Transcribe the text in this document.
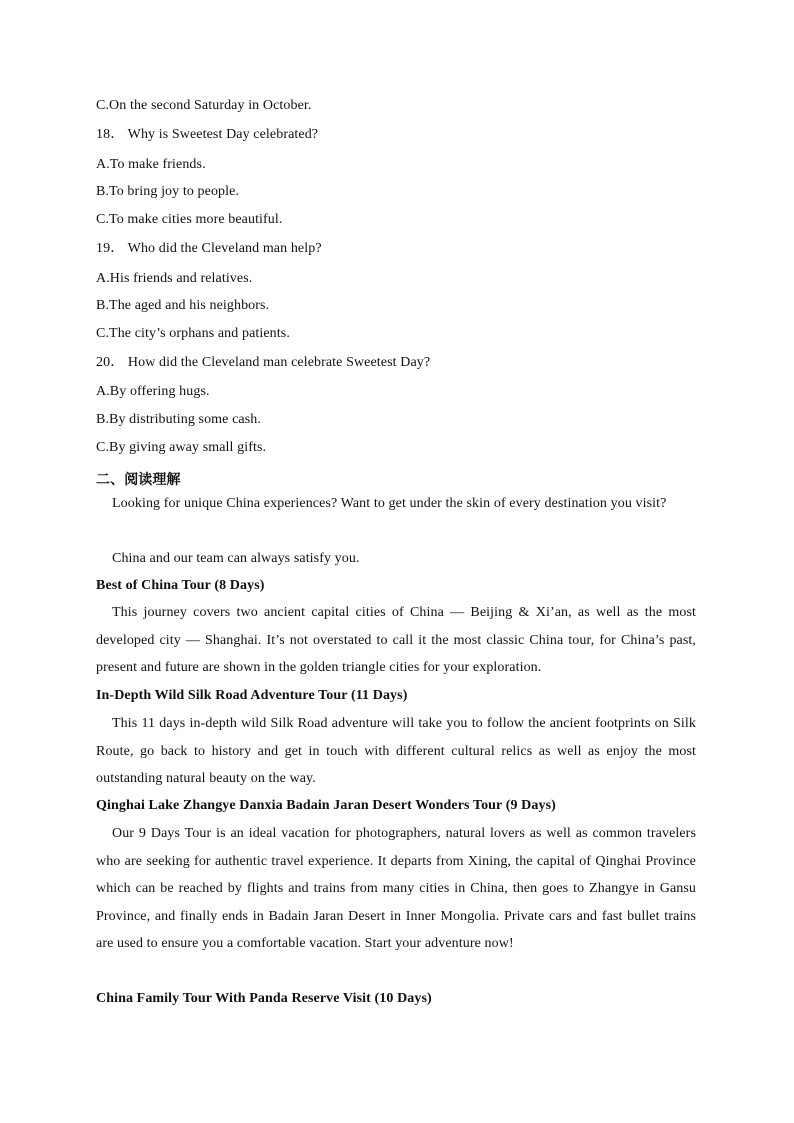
C.On the second Saturday in October.
18． Why is Sweetest Day celebrated?
A.To make friends.
B.To bring joy to people.
C.To make cities more beautiful.
19． Who did the Cleveland man help?
A.His friends and relatives.
B.The aged and his neighbors.
C.The city’s orphans and patients.
20． How did the Cleveland man celebrate Sweetest Day?
A.By offering hugs.
B.By distributing some cash.
C.By giving away small gifts.
二、阅读理解
Looking for unique China experiences? Want to get under the skin of every destination you visit?
China and our team can always satisfy you.
Best of China Tour (8 Days)
This journey covers two ancient capital cities of China — Beijing & Xi’an, as well as the most developed city — Shanghai. It’s not overstated to call it the most classic China tour, for China’s past, present and future are shown in the golden triangle cities for your exploration.
In-Depth Wild Silk Road Adventure Tour (11 Days)
This 11 days in-depth wild Silk Road adventure will take you to follow the ancient footprints on Silk Route, go back to history and get in touch with different cultural relics as well as enjoy the most outstanding natural beauty on the way.
Qinghai Lake Zhangye Danxia Badain Jaran Desert Wonders Tour (9 Days)
Our 9 Days Tour is an ideal vacation for photographers, natural lovers as well as common travelers who are seeking for authentic travel experience. It departs from Xining, the capital of Qinghai Province which can be reached by flights and trains from many cities in China, then goes to Zhangye in Gansu Province, and finally ends in Badain Jaran Desert in Inner Mongolia. Private cars and fast bullet trains are used to ensure you a comfortable vacation. Start your adventure now!
China Family Tour With Panda Reserve Visit (10 Days)
